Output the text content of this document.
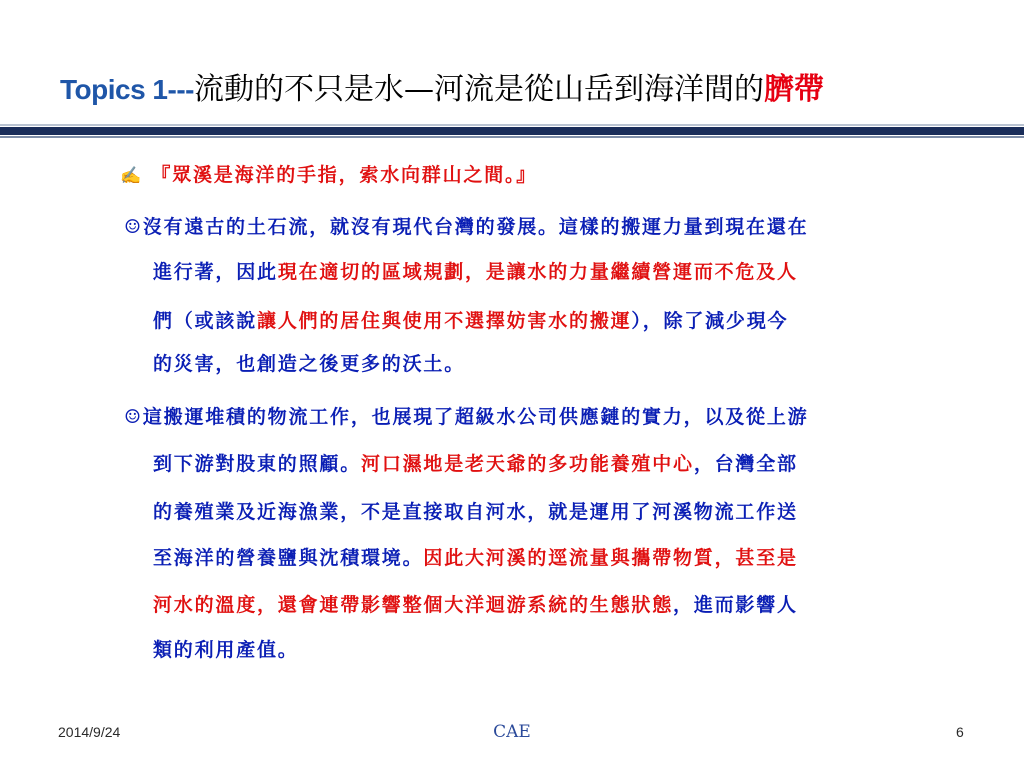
Topics 1---流動的不只是水—河流是從山岳到海洋間的臍帶
✍ 『眾溪是海洋的手指，索水向群山之間。』
☺沒有遠古的土石流，就沒有現代台灣的發展。這樣的搬運力量到現在還在
進行著，因此現在適切的區域規劃，是讓水的力量繼續營運而不危及人
們（或該說讓人們的居住與使用不選擇妨害水的搬運），除了減少現今
的災害，也創造之後更多的沃土。
☺這搬運堆積的物流工作，也展現了超級水公司供應鏈的實力，以及從上游
到下游對股東的照顧。河口濕地是老天爺的多功能養殖中心，台灣全部
的養殖業及近海漁業，不是直接取自河水，就是運用了河溪物流工作送
至海洋的營養鹽與沈積環境。因此大河溪的逕流量與攜帶物質，甚至是
河水的溫度，還會連帶影響整個大洋迴游系統的生態狀態，進而影響人
類的利用產值。
2014/9/24	CAE	6
